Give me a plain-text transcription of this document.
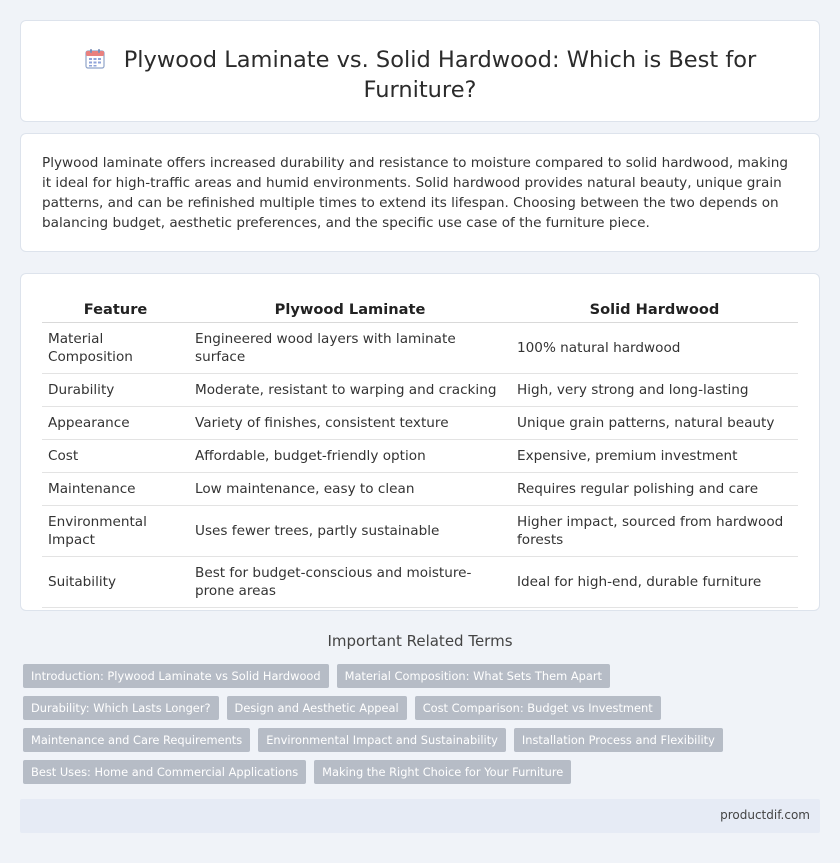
Plywood Laminate vs. Solid Hardwood: Which is Best for Furniture?

Plywood laminate offers increased durability and resistance to moisture compared to solid hardwood, making it ideal for high-traffic areas and humid environments. Solid hardwood provides natural beauty, unique grain patterns, and can be refinished multiple times to extend its lifespan. Choosing between the two depends on balancing budget, aesthetic preferences, and the specific use case of the furniture piece.

Feature	Plywood Laminate	Solid Hardwood
Material Composition	Engineered wood layers with laminate surface	100% natural hardwood
Durability	Moderate, resistant to warping and cracking	High, very strong and long-lasting
Appearance	Variety of finishes, consistent texture	Unique grain patterns, natural beauty
Cost	Affordable, budget-friendly option	Expensive, premium investment
Maintenance	Low maintenance, easy to clean	Requires regular polishing and care
Environmental Impact	Uses fewer trees, partly sustainable	Higher impact, sourced from hardwood forests
Suitability	Best for budget-conscious and moisture-prone areas	Ideal for high-end, durable furniture
Important Related Terms
Introduction: Plywood Laminate vs Solid Hardwood	Material Composition: What Sets Them Apart
Durability: Which Lasts Longer?	Design and Aesthetic Appeal	Cost Comparison: Budget vs Investment
Maintenance and Care Requirements	Environmental Impact and Sustainability	Installation Process and Flexibility
Best Uses: Home and Commercial Applications	Making the Right Choice for Your Furniture
productdif.com
